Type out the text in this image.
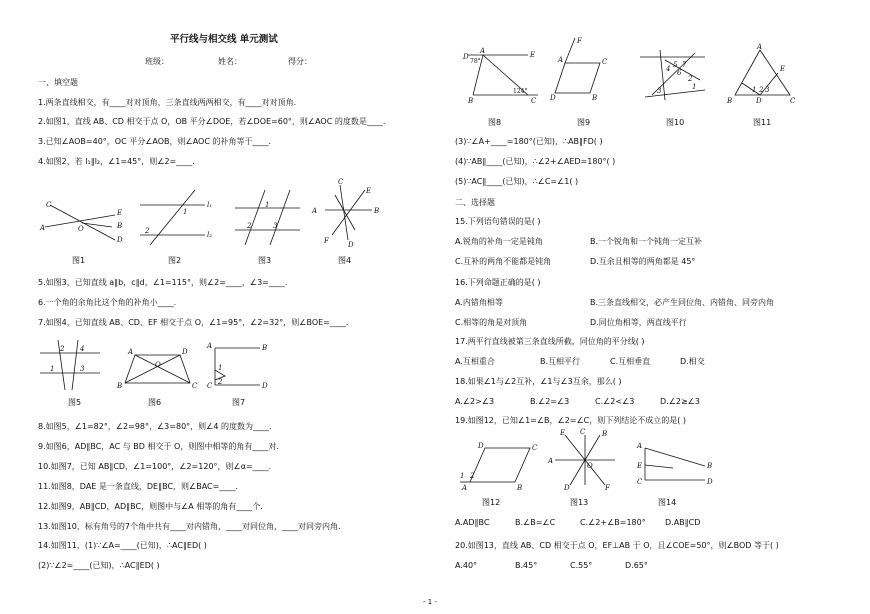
平行线与相交线 单元测试
班级：	姓名：	得分：
一、填空题
1.两条直线相交，有____对对顶角，三条直线两两相交，有____对对顶角.
2.如图1，直线 AB、CD 相交于点 O，OB 平分∠DOE，若∠DOE=60°，则∠AOC 的度数是____.
3.已知∠AOB=40°，OC 平分∠AOB，则∠AOC 的补角等于____.
4.如图2，若 l₁∥l₂，∠1=45°，则∠2=____.
C
A	O
E
B
D
图1
l₁
l₂
1
2
图2
1
2	3
图3
C
E
A	B
F	D
图4
5.如图3，已知直线 a∥b，c∥d，∠1=115°，则∠2=____，∠3=____.
6.一个角的余角比这个角的补角小____.
7.如图4，已知直线 AB、CD、EF 相交于点 O，∠1=95°，∠2=32°，则∠BOE=____.
2 4
1	3
图5
A	D
B	C
O
图6
A	B
C	D
1
2
图7
8.如图5，∠1=82°，∠2=98°，∠3=80°，则∠4 的度数为____.
9.如图6，AD∥BC，AC 与 BD 相交于 O，则图中相等的角有____对.
10.如图7，已知 AB∥CD，∠1=100°，∠2=120°，则∠α=____.
11.如图8，DAE 是一条直线，DE∥BC，则∠BAC=____.
12.如图9，AB∥CD，AD∥BC，则图中与∠A 相等的角有____个.
13.如图10，标有角号的7个角中共有____对内错角，____对同位角，____对同旁内角.
14.如图11，(1)∵∠A=____(已知)，∴AC∥ED( )
(2)∵∠2=____(已知)，∴AC∥ED( )
D
A	E
78°
124°
B	C
图8
F
A	C
D	B
图9
4 5 7
6
2
3	1
图10
A
E
B	D	C
1 2 3
图11
(3)∵∠A+____=180°(已知)，∴AB∥FD( )
(4)∵AB∥____(已知)，∴∠2+∠AED=180°( )
(5)∵AC∥____(已知)，∴∠C=∠1( )
二、选择题
15.下列语句错误的是( )
A.锐角的补角一定是钝角	B.一个锐角和一个钝角一定互补
C.互补的两角不能都是钝角	D.互余且相等的两角都是 45°
16.下列命题正确的是( )
A.内错角相等	B.三条直线相交，必产生同位角、内错角、同旁内角
C.相等的角是对顶角	D.同位角相等，两直线平行
17.两平行直线被第三条直线所截，同位角的平分线( )
A.互相重合	B.互相平行	C.互相垂直	D.相交
18.如果∠1与∠2互补，∠1与∠3互余，那么( )
A.∠2>∠3	B.∠2=∠3	C.∠2<∠3	D.∠2≥∠3
19.如图12，已知∠1=∠B，∠2=∠C，则下列结论不成立的是( )
D	C
1 2
A	B
图12
E C B
A
O
D	F
图13
A
B
E
C	D
图14
A.AD∥BC	B.∠B=∠C	C.∠2+∠B=180° D.AB∥CD
20.如图13，直线 AB、CD 相交于点 O，EF⊥AB 于 O，且∠COE=50°，则∠BOD 等于( )
A.40°	B.45°	C.55°	D.65°
- 1 -
